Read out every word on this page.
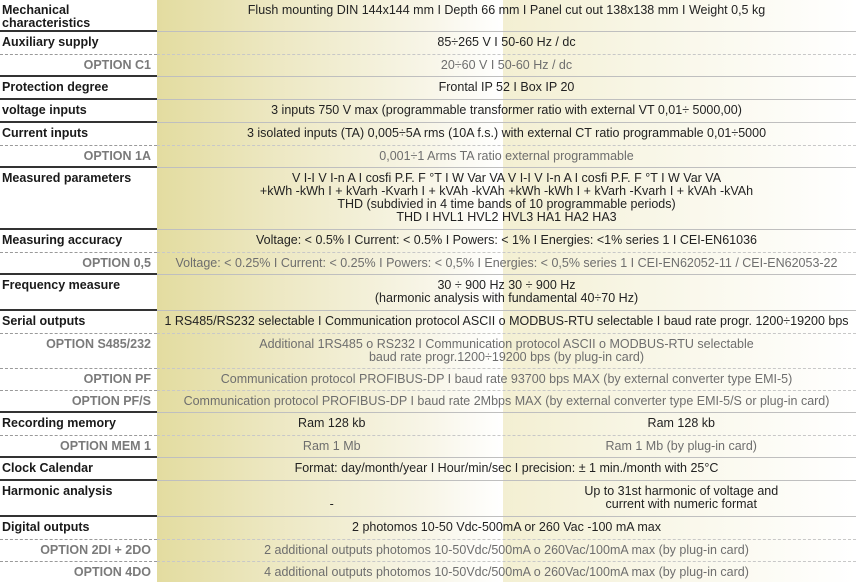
Mechanical characteristics	Flush mounting DIN 144x144 mm I Depth 66 mm I Panel cut out 138x138 mm I Weight 0,5 kg
Auxiliary supply	85÷265 V I 50-60 Hz / dc
OPTION C1	20÷60 V I 50-60 Hz / dc
Protection degree	Frontal IP 52 I Box IP 20
voltage inputs	3 inputs 750 V max (programmable transformer ratio with external VT 0,01÷ 5000,00)
Current inputs	3 isolated inputs (TA) 0,005÷5A rms (10A f.s.) with external CT ratio programmable 0,01÷5000
OPTION 1A	0,001÷1 Arms TA ratio external programmable
Measured parameters	V I-I V I-n A I cosfi P.F. F °T I W Var VA V I-I V I-n A I cosfi P.F. F °T I W Var VA
+kWh -kWh I + kVarh -Kvarh I + kVAh -kVAh +kWh -kWh I + kVarh -Kvarh I + kVAh -kVAh
THD (subdivied in 4 time bands of 10 programmable periods)
THD I HVL1 HVL2 HVL3 HA1 HA2 HA3

Measuring accuracy	Voltage: < 0.5% I Current: < 0.5% I Powers: < 1% I Energies: <1% series 1 I CEI-EN61036
OPTION 0,5	Voltage: < 0.25% I Current: < 0.25% I Powers: < 0,5% I Energies: < 0,5% series 1 I CEI-EN62052-11 / CEI-EN62053-22
Frequency measure	30 ÷ 900 Hz 30 ÷ 900 Hz
(harmonic analysis with fundamental 40÷70 Hz)

Serial outputs	1 RS485/RS232 selectable I Communication protocol ASCII o MODBUS-RTU selectable I baud rate progr. 1200÷19200 bps
OPTION S485/232	Additional 1RS485 o RS232 I Communication protocol ASCII o MODBUS-RTU selectable
baud rate progr.1200÷19200 bps (by plug-in card)

OPTION PF	Communication protocol PROFIBUS-DP I baud rate 93700 bps MAX (by external converter type EMI-5)
OPTION PF/S	Communication protocol PROFIBUS-DP I baud rate 2Mbps MAX (by external converter type EMI-5/S or plug-in card)
Recording memory	Ram 128 kb Ram 128 kb

OPTION MEM 1	Ram 1 Mb Ram 1 Mb (by plug-in card)

Clock Calendar	Format: day/month/year I Hour/min/sec I precision: ± 1 min./month with 25°C
Harmonic analysis	-
Up to 31st harmonic of voltage and
current with numeric format

Digital outputs	2 photomos 10-50 Vdc-500mA or 260 Vac -100 mA max
OPTION 2DI + 2DO	2 additional outputs photomos 10-50Vdc/500mA o 260Vac/100mA max (by plug-in card)
OPTION 4DO	4 additional outputs photomos 10-50Vdc/500mA o 260Vac/100mA max (by plug-in card)
